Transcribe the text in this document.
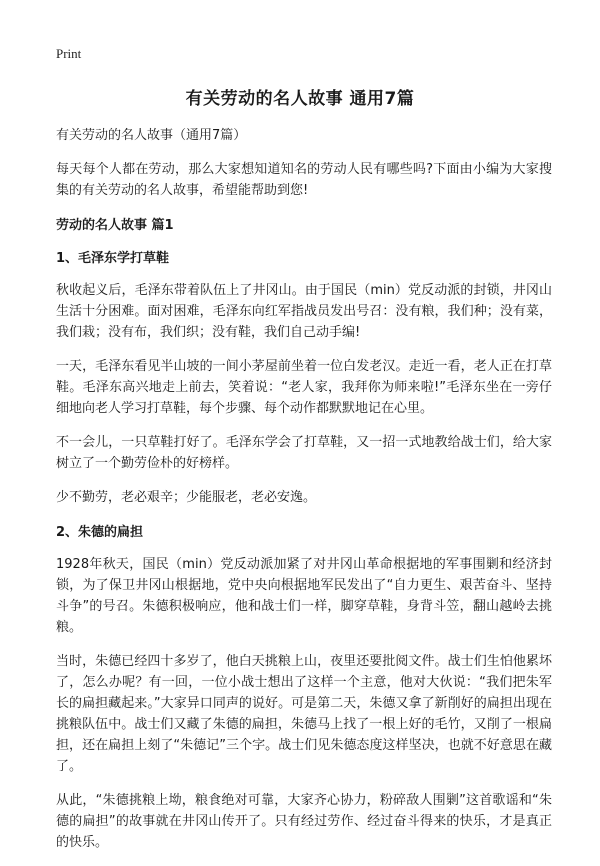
Print
有关劳动的名人故事 通用7篇
有关劳动的名人故事（通用7篇）

每天每个人都在劳动，那么大家想知道知名的劳动人民有哪些吗?下面由小编为大家搜集的有关劳动的名人故事，希望能帮助到您!

劳动的名人故事 篇1
1、毛泽东学打草鞋

秋收起义后，毛泽东带着队伍上了井冈山。由于国民（min）党反动派的封锁，井冈山生活十分困难。面对困难，毛泽东向红军指战员发出号召：没有粮，我们种；没有菜，我们栽；没有布，我们织；没有鞋，我们自己动手编!

一天，毛泽东看见半山坡的一间小茅屋前坐着一位白发老汉。走近一看，老人正在打草鞋。毛泽东高兴地走上前去，笑着说：“老人家，我拜你为师来啦!”毛泽东坐在一旁仔细地向老人学习打草鞋，每个步骤、每个动作都默默地记在心里。

不一会儿，一只草鞋打好了。毛泽东学会了打草鞋，又一招一式地教给战士们，给大家树立了一个勤劳俭朴的好榜样。

少不勤劳，老必艰辛；少能服老，老必安逸。

2、朱德的扁担

1928年秋天，国民（min）党反动派加紧了对井冈山革命根据地的军事围剿和经济封锁，为了保卫井冈山根据地，党中央向根据地军民发出了“自力更生、艰苦奋斗、坚持斗争”的号召。朱德积极响应，他和战士们一样，脚穿草鞋，身背斗笠，翻山越岭去挑粮。

当时，朱德已经四十多岁了，他白天挑粮上山，夜里还要批阅文件。战士们生怕他累坏了，怎么办呢？有一回，一位小战士想出了这样一个主意，他对大伙说：“我们把朱军长的扁担藏起来。”大家异口同声的说好。可是第二天，朱德又拿了新削好的扁担出现在挑粮队伍中。战士们又藏了朱德的扁担，朱德马上找了一根上好的毛竹，又削了一根扁担，还在扁担上刻了“朱德记”三个字。战士们见朱德态度这样坚决，也就不好意思在藏了。

从此，“朱德挑粮上坳，粮食绝对可靠，大家齐心协力，粉碎敌人围剿”这首歌谣和“朱德的扁担”的故事就在井冈山传开了。只有经过劳作、经过奋斗得来的快乐，才是真正的快乐。
